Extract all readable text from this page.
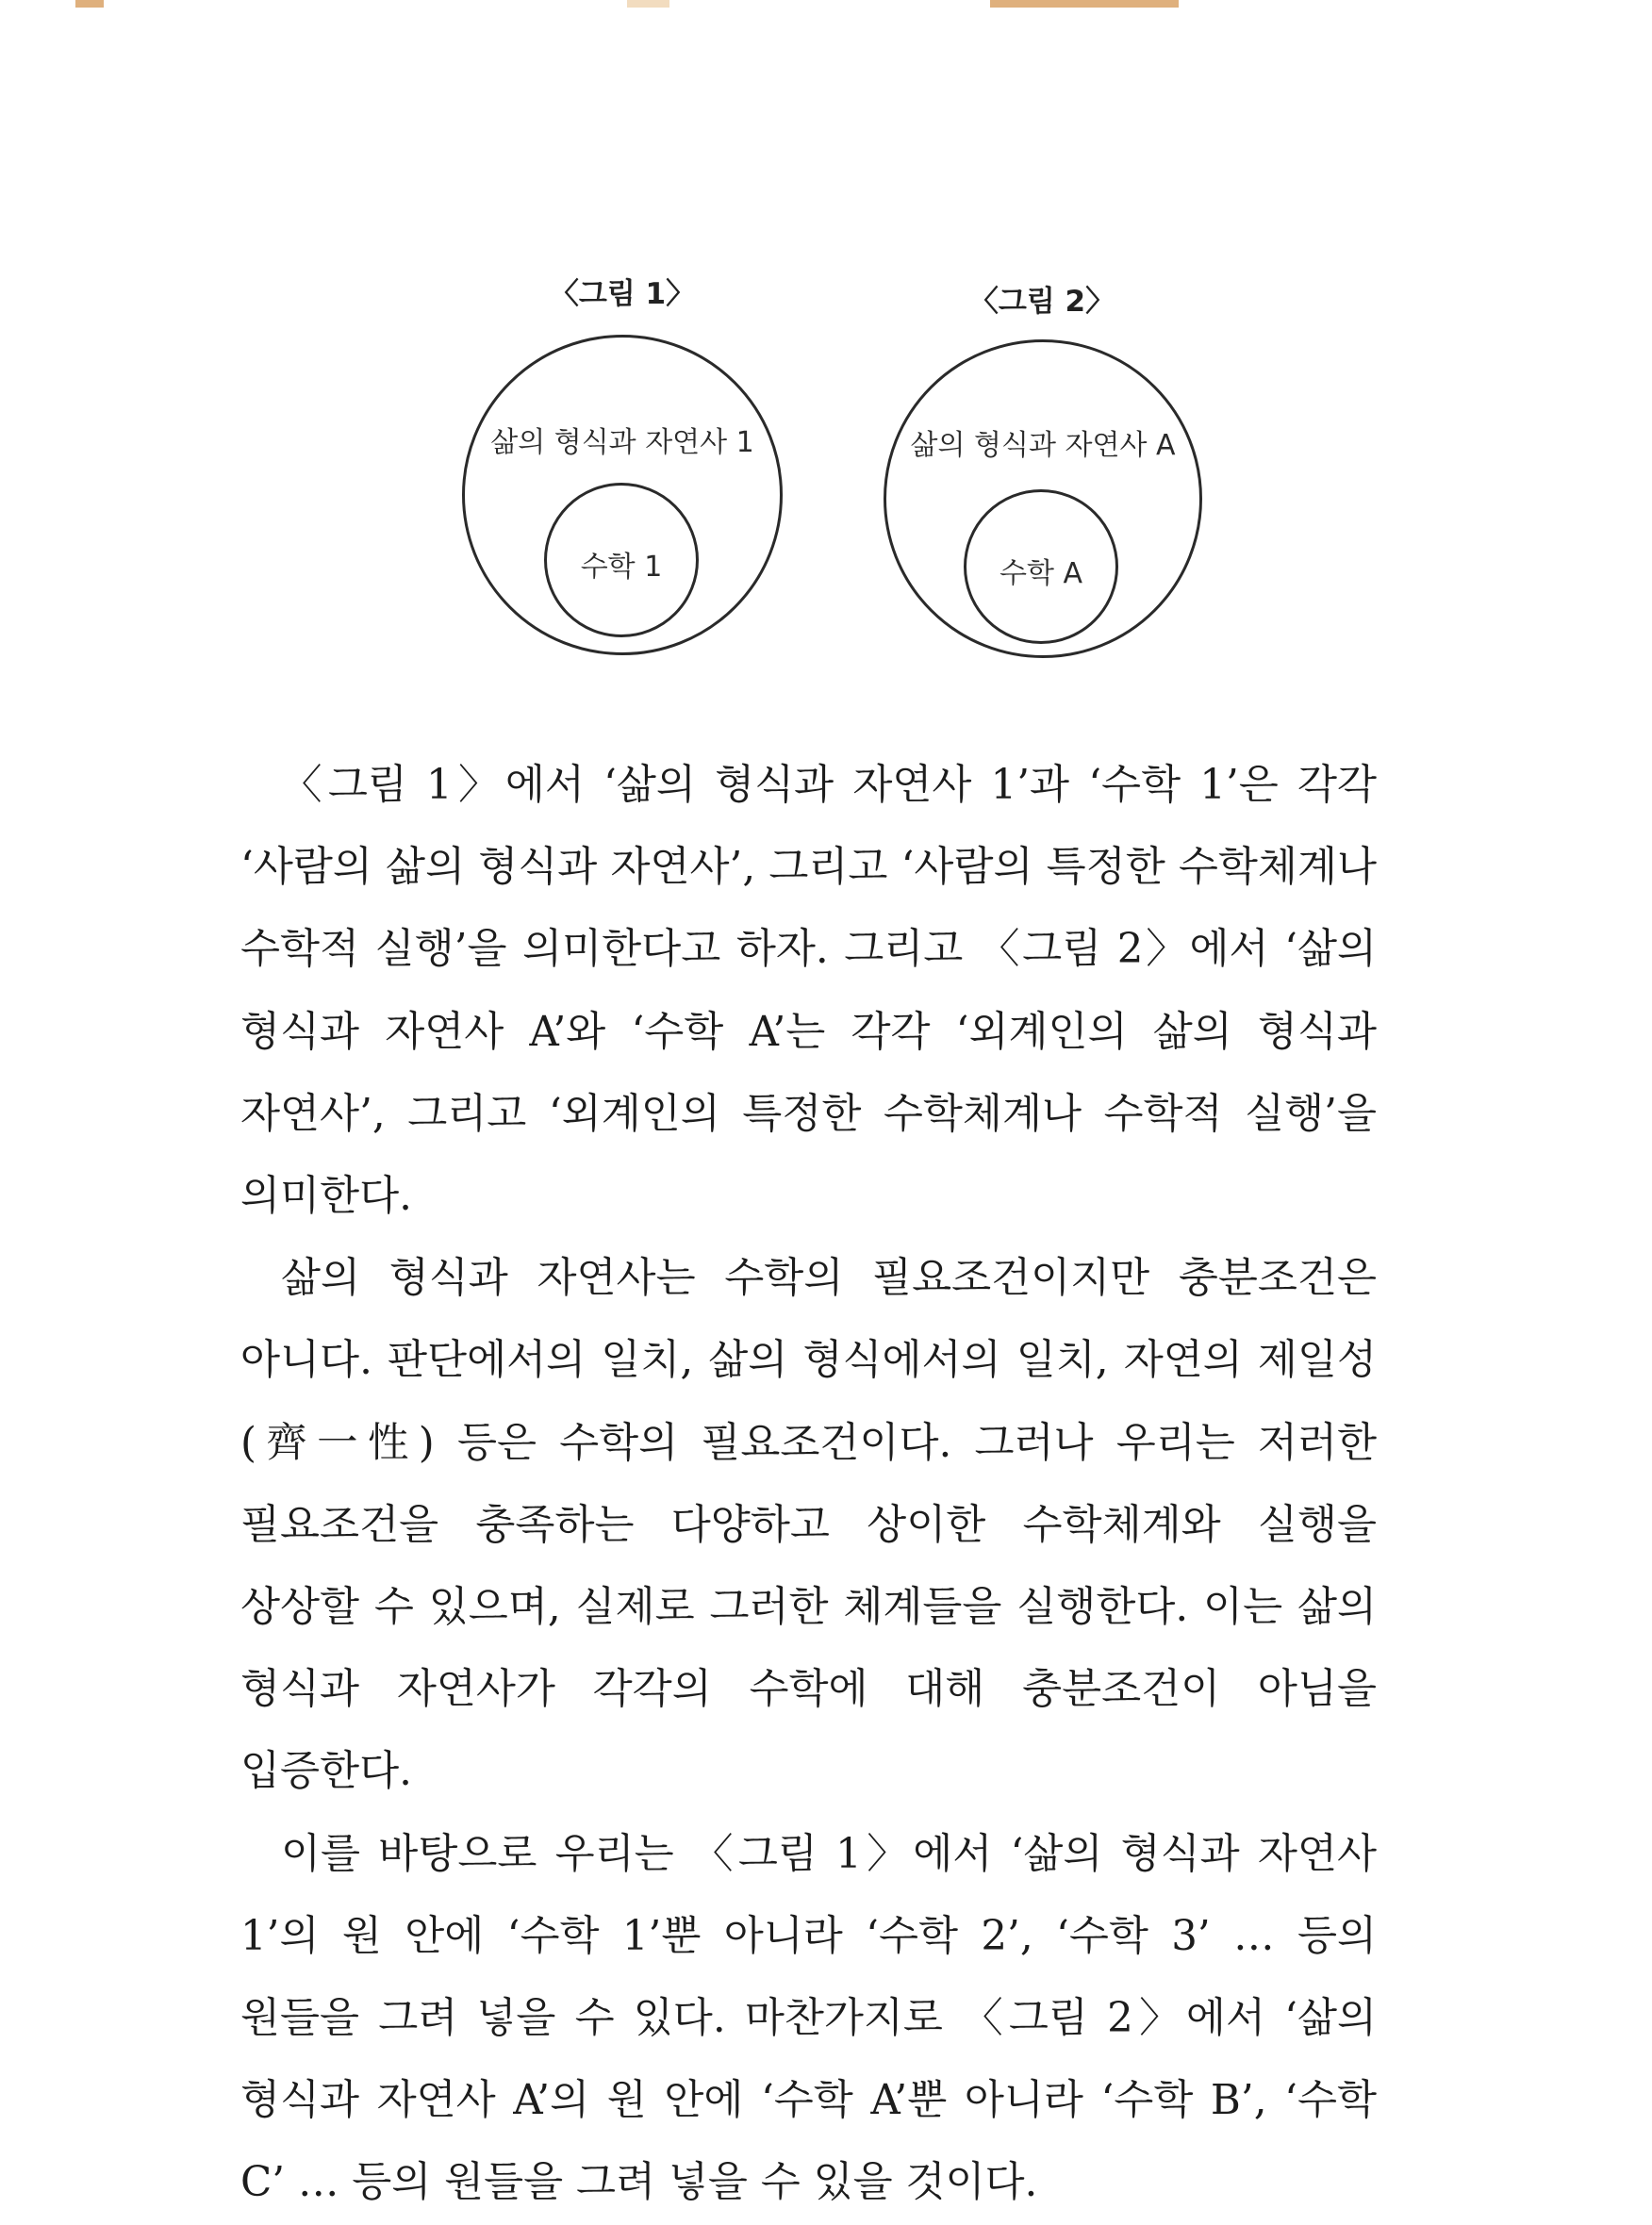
〈그림 1〉
삶의 형식과 자연사 1
수학 1
〈그림 2〉
삶의 형식과 자연사 A
수학 A

〈그림 1〉에서 ‘삶의 형식과 자연사 1’과 ‘수학 1’은 각각 ‘사람의 삶의 형식과 자연사’, 그리고 ‘사람의 특정한 수학체계나 수학적 실행’을 의미한다고 하자. 그리고 〈그림 2〉에서 ‘삶의 형식과 자연사 A’와 ‘수학 A’는 각각 ‘외계인의 삶의 형식과 자연사’, 그리고 ‘외계인의 특정한 수학체계나 수학적 실행’을 의미한다.

삶의 형식과 자연사는 수학의 필요조건이지만 충분조건은 아니다. 판단에서의 일치, 삶의 형식에서의 일치, 자연의 제일성(齊一性) 등은 수학의 필요조건이다. 그러나 우리는 저러한 필요조건을 충족하는 다양하고 상이한 수학체계와 실행을 상상할 수 있으며, 실제로 그러한 체계들을 실행한다. 이는 삶의 형식과 자연사가 각각의 수학에 대해 충분조건이 아님을 입증한다.

이를 바탕으로 우리는 〈그림 1〉에서 ‘삶의 형식과 자연사 1’의 원 안에 ‘수학 1’뿐 아니라 ‘수학 2’, ‘수학 3’ … 등의 원들을 그려 넣을 수 있다. 마찬가지로 〈그림 2〉에서 ‘삶의 형식과 자연사 A’의 원 안에 ‘수학 A’뿐 아니라 ‘수학 B’, ‘수학 C’ … 등의 원들을 그려 넣을 수 있을 것이다.
